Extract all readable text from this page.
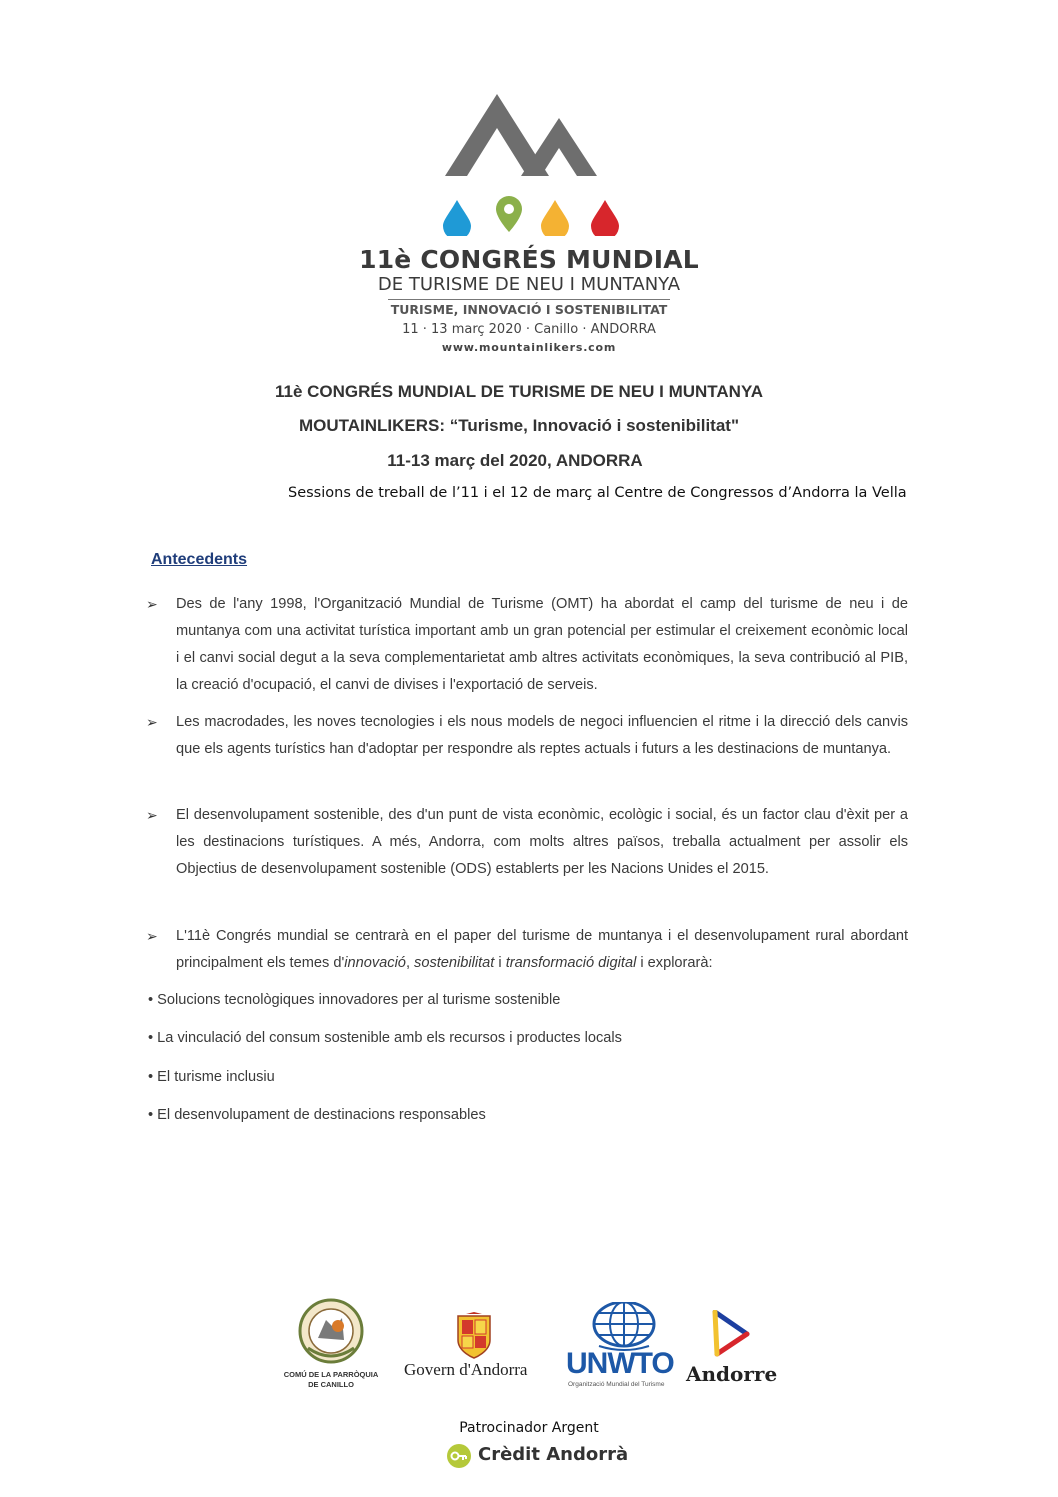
11è CONGRÉS MUNDIAL
DE TURISME DE NEU I MUNTANYA
TURISME, INNOVACIÓ I SOSTENIBILITAT
11 · 13 març 2020 · Canillo · ANDORRA
www.mountainlikers.com
11è CONGRÉS MUNDIAL DE TURISME DE NEU I MUNTANYA
MOUTAINLIKERS: “Turisme, Innovació i sostenibilitat"
11-13 març del 2020, ANDORRA
Sessions de treball de l’11 i el 12 de març al Centre de Congressos d’Andorra la Vella
Antecedents
➢ Des de l'any 1998, l'Organització Mundial de Turisme (OMT) ha abordat el camp del turisme de neu i de muntanya com una activitat turística important amb un gran potencial per estimular el creixement econòmic local i el canvi social degut a la seva complementarietat amb altres activitats econòmiques, la seva contribució al PIB, la creació d'ocupació, el canvi de divises i l'exportació de serveis.
➢ Les macrodades, les noves tecnologies i els nous models de negoci influencien el ritme i la direcció dels canvis que els agents turístics han d'adoptar per respondre als reptes actuals i futurs a les destinacions de muntanya.
➢ El desenvolupament sostenible, des d'un punt de vista econòmic, ecològic i social, és un factor clau d'èxit per a les destinacions turístiques. A més, Andorra, com molts altres països, treballa actualment per assolir els Objectius de desenvolupament sostenible (ODS) establerts per les Nacions Unides el 2015.
➢ L'11è Congrés mundial se centrarà en el paper del turisme de muntanya i el desenvolupament rural abordant principalment els temes d'innovació, sostenibilitat i transformació digital i explorarà:
• Solucions tecnològiques innovadores per al turisme sostenible
• La vinculació del consum sostenible amb els recursos i productes locals
• El turisme inclusiu
• El desenvolupament de destinacions responsables
COMÚ DE LA PARRÒQUIA
DE CANILLO
Govern d'Andorra UNWTO
Organització Mundial del Turisme Andorre
Patrocinador Argent
Crèdit Andorrà
